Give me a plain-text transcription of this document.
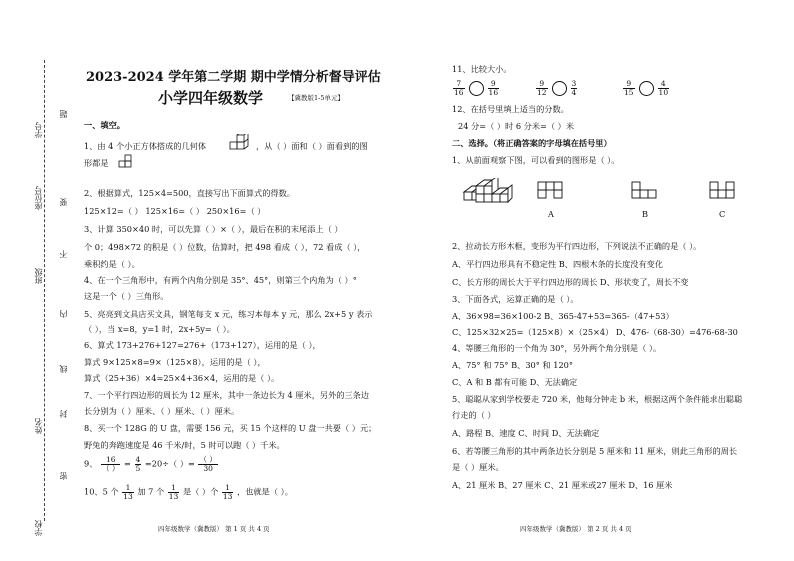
学号
座位号
班级
姓名
学校
题
要
不
内
线
封
密
2023-2024 学年第二学期 期中学情分析督导评估
小学四年级数学	【冀教版1-5单元】
一、填空。
1、由 4 个小正方体搭成的几何体	，从（ ）面和（ ）面看到的图
形都是
2、根据算式，125×4=500，直接写出下面算式的得数。
125×12=（ ） 125×16=（ ） 250×16=（ ）
3、计算 350×40 时，可以先算（ ）×（ ），最后在积的末尾添上（ ）
个 0；498×72 的积是（ ）位数，估算时，把 498 看成（ ），72 看成（ ），
乘积约是（ ）。
4、在一个三角形中，有两个内角分别是 35°、45°，则第三个内角为（ ）°
这是一个（ ）三角形。
5、亮亮到文具店买文具，钢笔每支 x 元，练习本每本 y 元，那么 2x+5 y 表示
（ ），当 x=8，y=1 时，2x+5y=（ ）。
6、算式 173+276+127=276+（173+127），运用的是（ ），
算式 9×125×8=9×（125×8），运用的是（ ），
算式（25+36）×4=25×4+36×4，运用的是（ ）。
7、一个平行四边形的周长为 12 厘米，其中一条边长为 4 厘米，另外的三条边
长分别为（ ）厘米、（ ）厘米、（ ）厘米。
8、买一个 128G 的 U 盘，需要 156 元，买 15 个这样的 U 盘一共要（ ）元；
野兔的奔跑速度是 46 千米/时，5 时可以跑（ ）千米。
9、 $\frac{16}{( )} = \frac{4}{5} =20\div$（ ）= $\frac{( )}{30}$
10、5 个 $\frac{1}{13}$ 加 7 个 $\frac{1}{13}$ 是（ ）个 $\frac{1}{13}$ ，也就是（ ）。
四年级数学（冀教版） 第 1 页 共 4 页
11、比较大小。
$\frac{7}{16}$	$\frac{9}{16}$	$\frac{9}{12}$	$\frac{3}{4}$	$\frac{9}{15}$	$\frac{4}{10}$
12、在括号里填上适当的分数。
24 分=（ ）时 6 分米=（ ）米
二、选择。（将正确答案的字母填在括号里）
1、从前面观察下图，可以看到的图形是（ ）。
A	B	C
2、拉动长方形木框，变形为平行四边形，下列说法不正确的是（ ）。
A、平行四边形具有不稳定性 B、四根木条的长度没有变化
C、长方形的周长大于平行四边形的周长 D、形状变了，周长不变
3、下面各式，运算正确的是（ ）。
A、36×98=36×100-2 B、365-47+53=365-（47+53）
C、125×32×25=（125×8）×（25×4） D、476-（68-30）=476-68-30
4、等腰三角形的一个角为 30°，另外两个角分别是（ ）。
A、75° 和 75° B、30° 和 120°
C、A 和 B 都有可能 D、无法确定
5、聪聪从家到学校要走 720 米，他每分钟走 b 米，根据这两个条件能求出聪聪
行走的（ ）
A、路程 B、速度 C、时间 D、无法确定
6、若等腰三角形的其中两条边长分别是 5 厘米和 11 厘米，则此三角形的周长
是（ ）厘米。
A、21 厘米 B、27 厘米 C、21 厘米或27 厘米 D、16 厘米
四年级数学（冀教版） 第 2 页 共 4 页
